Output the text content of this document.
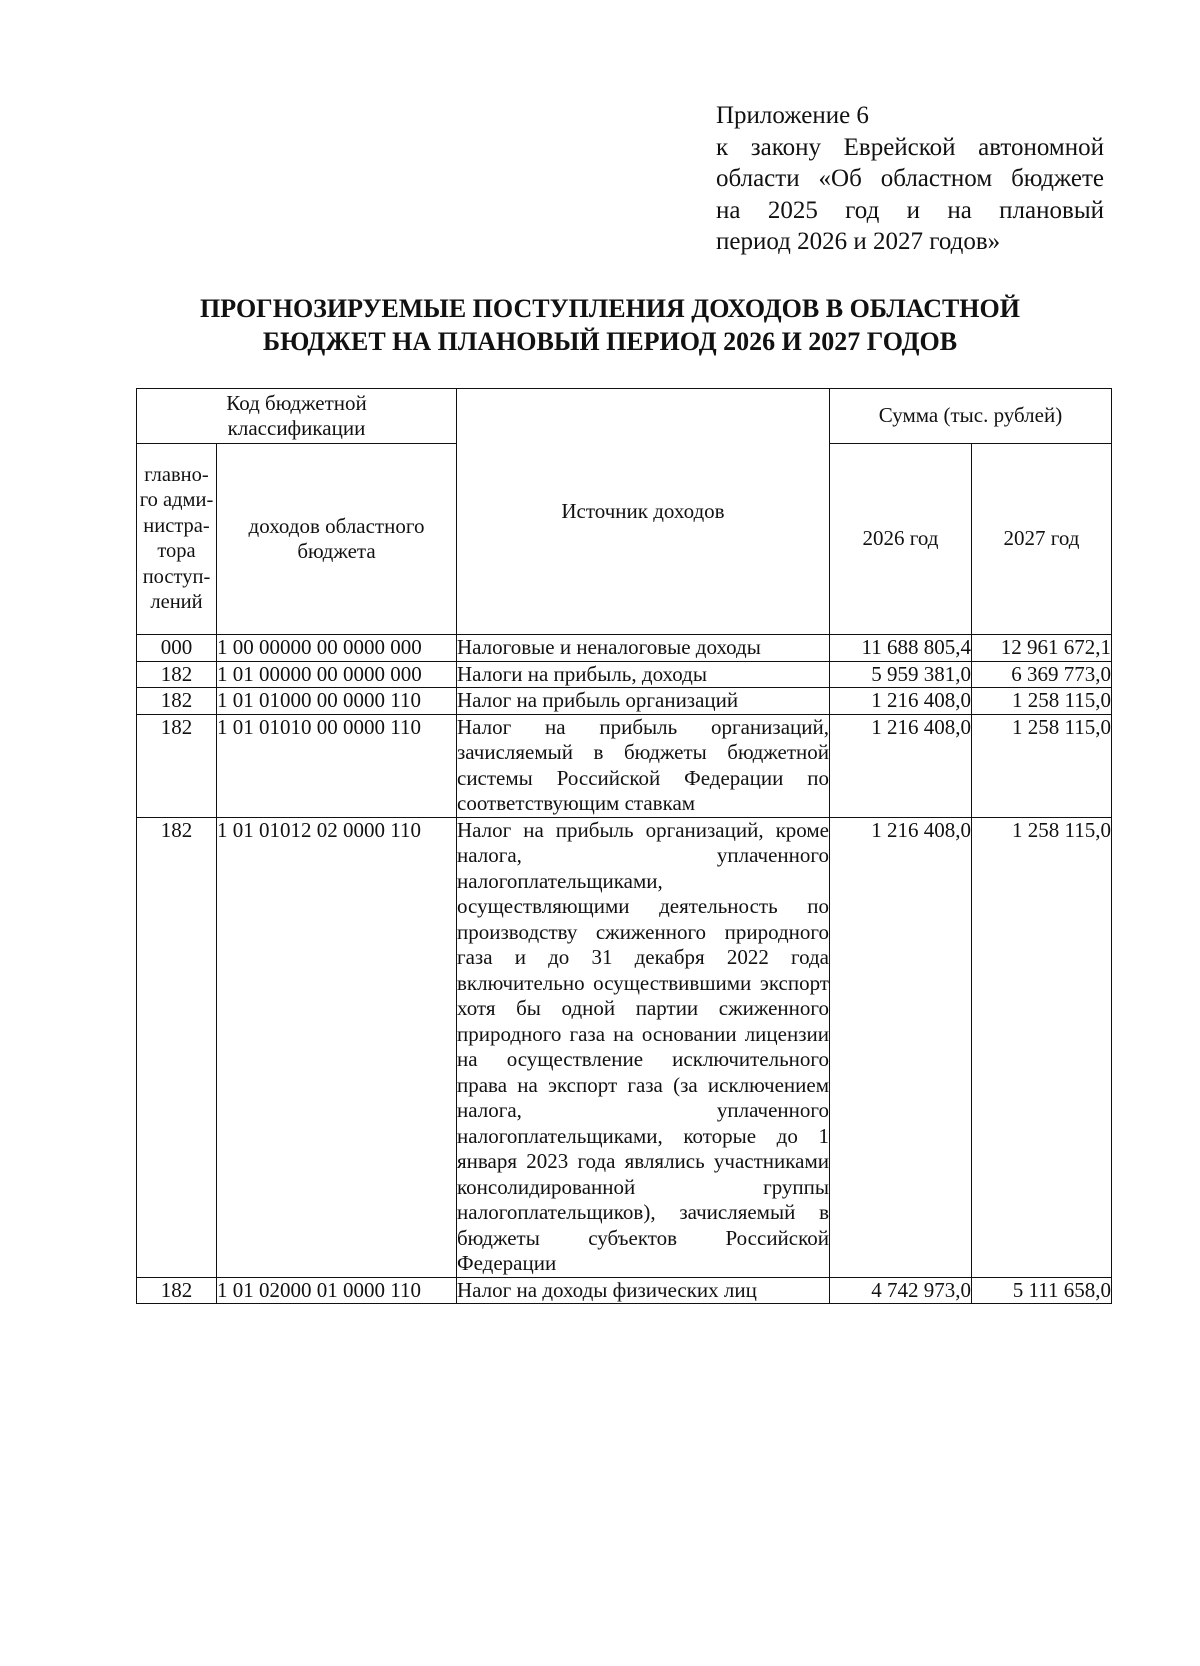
Приложение 6
к закону Еврейской автономной
области «Об областном бюджете
на 2025 год и на плановый
период 2026 и 2027 годов»
ПРОГНОЗИРУЕМЫЕ ПОСТУПЛЕНИЯ ДОХОДОВ В ОБЛАСТНОЙ
БЮДЖЕТ НА ПЛАНОВЫЙ ПЕРИОД 2026 И 2027 ГОДОВ
Код бюджетной классификации		Источник доходов	Сумма (тыс. рублей)	
главно-го адми-нистра-тора поступ-лений	доходов областного бюджета		2026 год	2027 год
000	1 00 00000 00 0000 000	Налоговые и неналоговые доходы	11 688 805,4	12 961 672,1
182	1 01 00000 00 0000 000	Налоги на прибыль, доходы	5 959 381,0	6 369 773,0
182	1 01 01000 00 0000 110	Налог на прибыль организаций	1 216 408,0	1 258 115,0
182	1 01 01010 00 0000 110	Налог на прибыль организаций, зачисляемый в бюджеты бюджетной системы Российской Федерации по соответствующим ставкам	1 216 408,0	1 258 115,0
182	1 01 01012 02 0000 110	Налог на прибыль организаций, кроме налога, уплаченного налогоплательщиками, осуществляющими деятельность по производству сжиженного природного газа и до 31 декабря 2022 года включительно осуществившими экспорт хотя бы одной партии сжиженного природного газа на основании лицензии на осуществление исключительного права на экспорт газа (за исключением налога, уплаченного налогоплательщиками, которые до 1 января 2023 года являлись участниками консолидированной группы налогоплательщиков), зачисляемый в бюджеты субъектов Российской Федерации	1 216 408,0	1 258 115,0
182	1 01 02000 01 0000 110	Налог на доходы физических лиц	4 742 973,0	5 111 658,0
